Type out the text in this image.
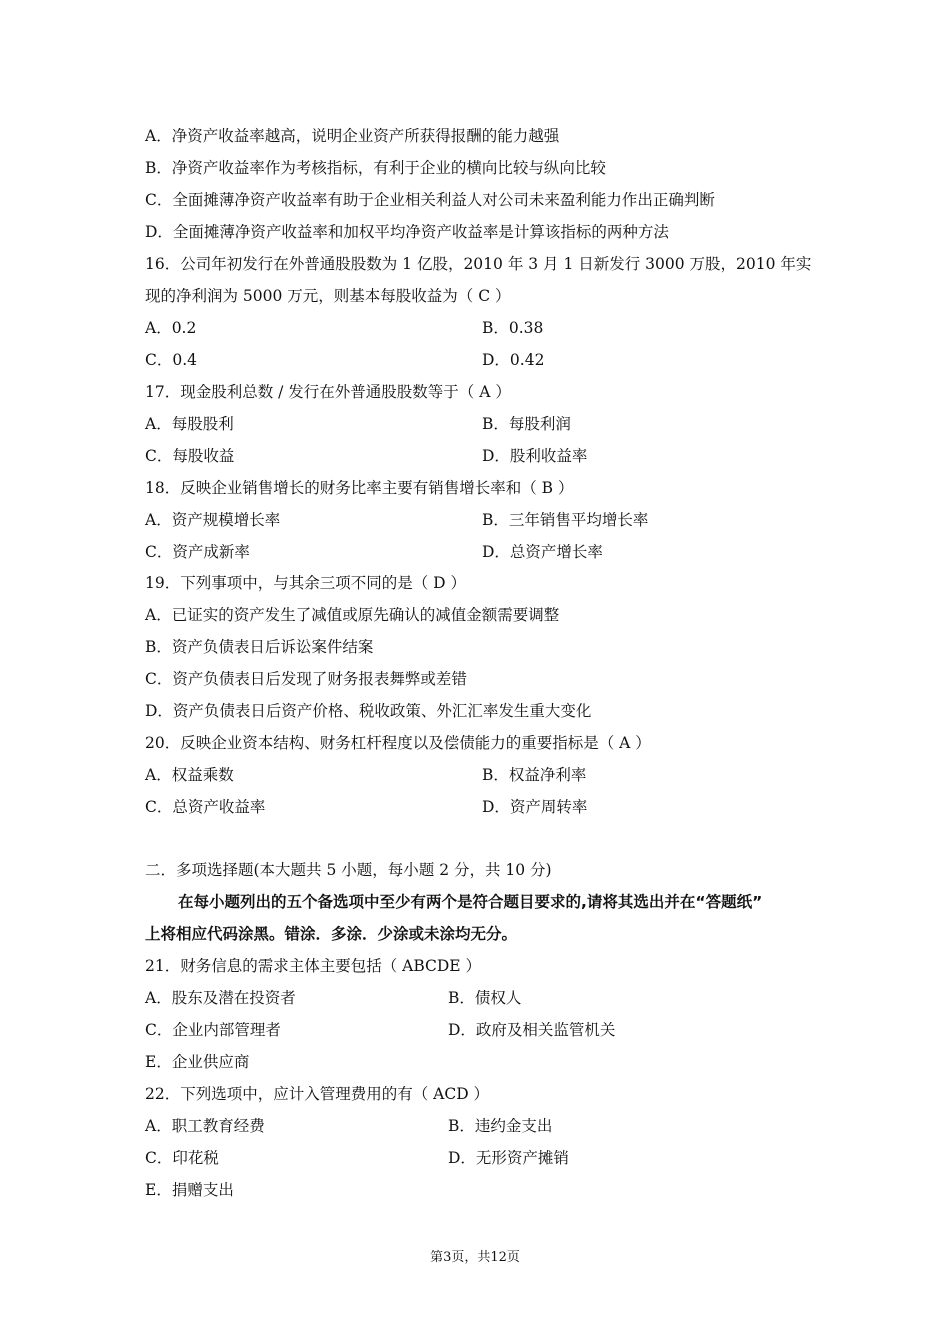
A．净资产收益率越高，说明企业资产所获得报酬的能力越强
B．净资产收益率作为考核指标，有利于企业的横向比较与纵向比较
C．全面摊薄净资产收益率有助于企业相关利益人对公司未来盈利能力作出正确判断
D．全面摊薄净资产收益率和加权平均净资产收益率是计算该指标的两种方法
16．公司年初发行在外普通股股数为 1 亿股，2010 年 3 月 1 日新发行 3000 万股，2010 年实
现的净利润为 5000 万元，则基本每股收益为（ C ）
A．0.2	B．0.38
C．0.4	D．0.42
17．现金股利总数 / 发行在外普通股股数等于（ A ）
A．每股股利	B．每股利润
C．每股收益	D．股利收益率
18．反映企业销售增长的财务比率主要有销售增长率和（ B ）
A．资产规模增长率	B．三年销售平均增长率
C．资产成新率	D．总资产增长率
19．下列事项中，与其余三项不同的是（ D ）
A．已证实的资产发生了减值或原先确认的减值金额需要调整
B．资产负债表日后诉讼案件结案
C．资产负债表日后发现了财务报表舞弊或差错
D．资产负债表日后资产价格、税收政策、外汇汇率发生重大变化
20．反映企业资本结构、财务杠杆程度以及偿债能力的重要指标是（ A ）
A．权益乘数	B．权益净利率
C．总资产收益率	D．资产周转率
二．多项选择题(本大题共 5 小题，每小题 2 分，共 10 分)
在每小题列出的五个备选项中至少有两个是符合题目要求的,请将其选出并在“答题纸”
上将相应代码涂黑。错涂．多涂．少涂或未涂均无分。
21．财务信息的需求主体主要包括（ ABCDE ）
A．股东及潜在投资者	B．债权人
C．企业内部管理者	D．政府及相关监管机关
E．企业供应商
22．下列选项中，应计入管理费用的有（ ACD ）
A．职工教育经费	B．违约金支出
C．印花税	D．无形资产摊销
E．捐赠支出
第3页，共12页
